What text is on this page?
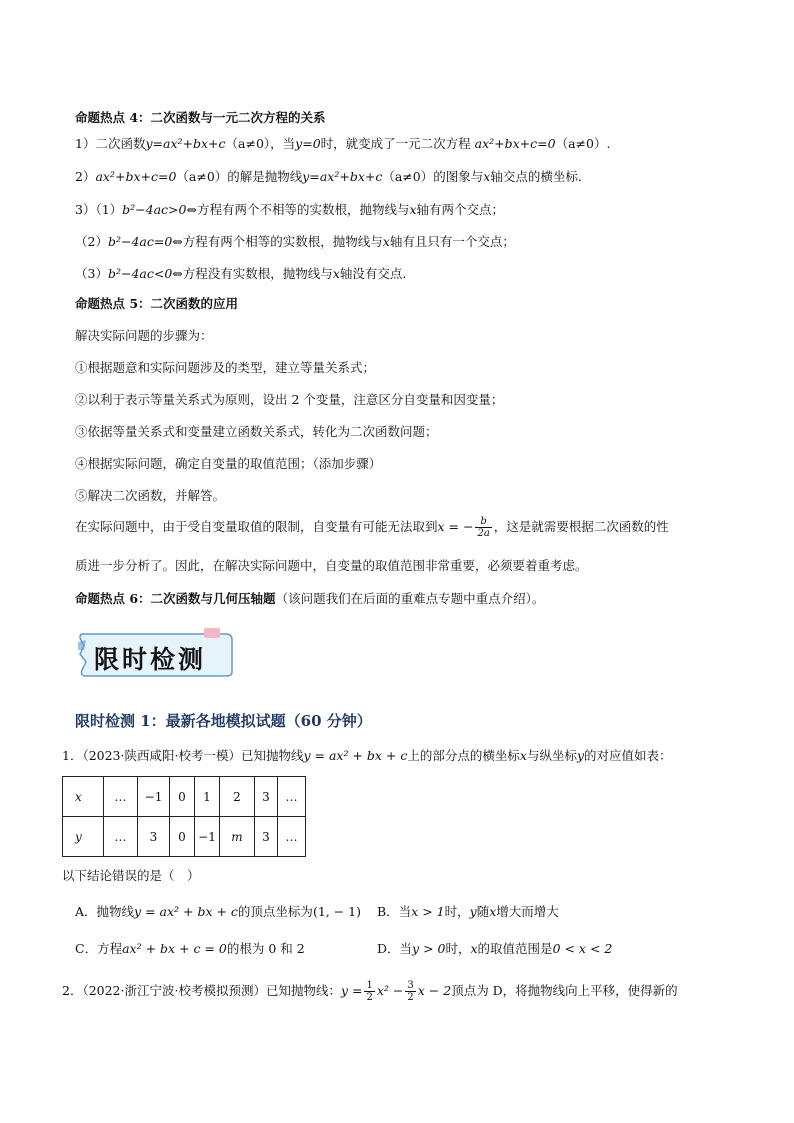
命题热点 4：二次函数与一元二次方程的关系
1）二次函数y=ax²+bx+c（a≠0），当y=0时，就变成了一元二次方程 ax²+bx+c=0（a≠0）.
2）ax²+bx+c=0（a≠0）的解是抛物线y=ax²+bx+c（a≠0）的图象与x轴交点的横坐标．
3）（1）b²−4ac>0⇔方程有两个不相等的实数根，抛物线与x轴有两个交点；
（2）b²−4ac=0⇔方程有两个相等的实数根，抛物线与x轴有且只有一个交点；
（3）b²−4ac<0⇔方程没有实数根，抛物线与x轴没有交点.
命题热点 5：二次函数的应用
解决实际问题的步骤为：
①根据题意和实际问题涉及的类型，建立等量关系式；
②以利于表示等量关系式为原则，设出 2 个变量，注意区分自变量和因变量；
③依据等量关系式和变量建立函数关系式，转化为二次函数问题；
④根据实际问题，确定自变量的取值范围；（添加步骤）
⑤解决二次函数，并解答。
在实际问题中，由于受自变量取值的限制，自变量有可能无法取到x = − $\frac{b}{2a}$ ，这是就需要根据二次函数的性
质进一步分析了。因此，在解决实际问题中，自变量的取值范围非常重要，必须要着重考虑。
命题热点 6：二次函数与几何压轴题（该问题我们在后面的重难点专题中重点介绍）。
限时检测
限时检测 1：最新各地模拟试题（60 分钟）
1．（2023·陕西咸阳·校考一模）已知抛物线y = ax² + bx + c上的部分点的横坐标x与纵坐标y的对应值如表：
x	…	−1	0	1	2	3	…
y	…	3	0	−1	m	3	…
以下结论错误的是（　）
A．抛物线y = ax² + bx + c的顶点坐标为(1, − 1) B．当x > 1时，y随x增大而增大
C．方程ax² + bx + c = 0的根为 0 和 2	D．当y > 0时，x的取值范围是0 < x < 2
2．（2022·浙江宁波·校考模拟预测）已知抛物线：$y = \frac{1}{2} x^2 - \frac{3}{2}$ x − 2顶点为 D，将抛物线向上平移，使得新的
